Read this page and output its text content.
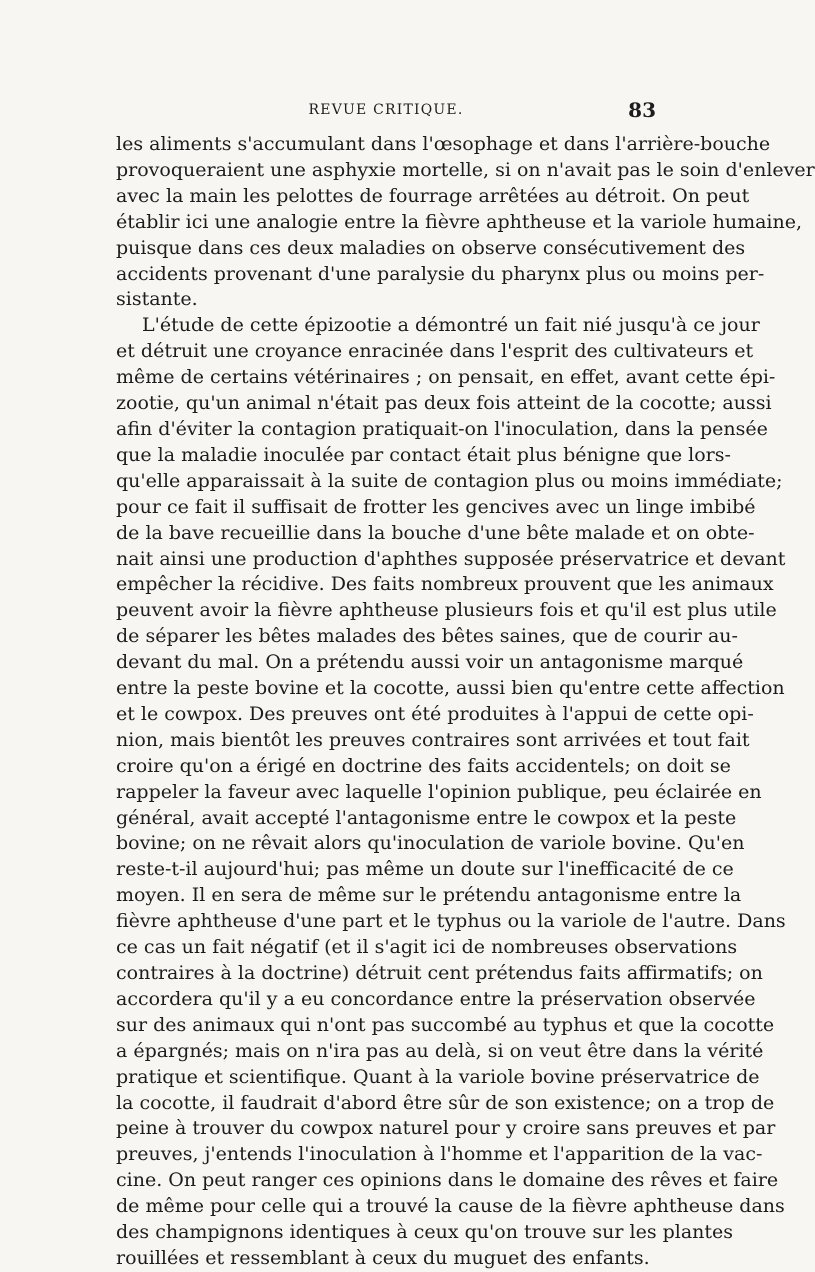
REVUE CRITIQUE.	83
les aliments s'accumulant dans l'œsophage et dans l'arrière-bouche
provoqueraient une asphyxie mortelle, si on n'avait pas le soin d'enlever
avec la main les pelottes de fourrage arrêtées au détroit. On peut
établir ici une analogie entre la fièvre aphtheuse et la variole humaine,
puisque dans ces deux maladies on observe consécutivement des
accidents provenant d'une paralysie du pharynx plus ou moins per-
sistante.
L'étude de cette épizootie a démontré un fait nié jusqu'à ce jour
et détruit une croyance enracinée dans l'esprit des cultivateurs et
même de certains vétérinaires ; on pensait, en effet, avant cette épi-
zootie, qu'un animal n'était pas deux fois atteint de la cocotte; aussi
afin d'éviter la contagion pratiquait-on l'inoculation, dans la pensée
que la maladie inoculée par contact était plus bénigne que lors-
qu'elle apparaissait à la suite de contagion plus ou moins immédiate;
pour ce fait il suffisait de frotter les gencives avec un linge imbibé
de la bave recueillie dans la bouche d'une bête malade et on obte-
nait ainsi une production d'aphthes supposée préservatrice et devant
empêcher la récidive. Des faits nombreux prouvent que les animaux
peuvent avoir la fièvre aphtheuse plusieurs fois et qu'il est plus utile
de séparer les bêtes malades des bêtes saines, que de courir au-
devant du mal. On a prétendu aussi voir un antagonisme marqué
entre la peste bovine et la cocotte, aussi bien qu'entre cette affection
et le cowpox. Des preuves ont été produites à l'appui de cette opi-
nion, mais bientôt les preuves contraires sont arrivées et tout fait
croire qu'on a érigé en doctrine des faits accidentels; on doit se
rappeler la faveur avec laquelle l'opinion publique, peu éclairée en
général, avait accepté l'antagonisme entre le cowpox et la peste
bovine; on ne rêvait alors qu'inoculation de variole bovine. Qu'en
reste-t-il aujourd'hui; pas même un doute sur l'inefficacité de ce
moyen. Il en sera de même sur le prétendu antagonisme entre la
fièvre aphtheuse d'une part et le typhus ou la variole de l'autre. Dans
ce cas un fait négatif (et il s'agit ici de nombreuses observations
contraires à la doctrine) détruit cent prétendus faits affirmatifs; on
accordera qu'il y a eu concordance entre la préservation observée
sur des animaux qui n'ont pas succombé au typhus et que la cocotte
a épargnés; mais on n'ira pas au delà, si on veut être dans la vérité
pratique et scientifique. Quant à la variole bovine préservatrice de
la cocotte, il faudrait d'abord être sûr de son existence; on a trop de
peine à trouver du cowpox naturel pour y croire sans preuves et par
preuves, j'entends l'inoculation à l'homme et l'apparition de la vac-
cine. On peut ranger ces opinions dans le domaine des rêves et faire
de même pour celle qui a trouvé la cause de la fièvre aphtheuse dans
des champignons identiques à ceux qu'on trouve sur les plantes
rouillées et ressemblant à ceux du muguet des enfants.
